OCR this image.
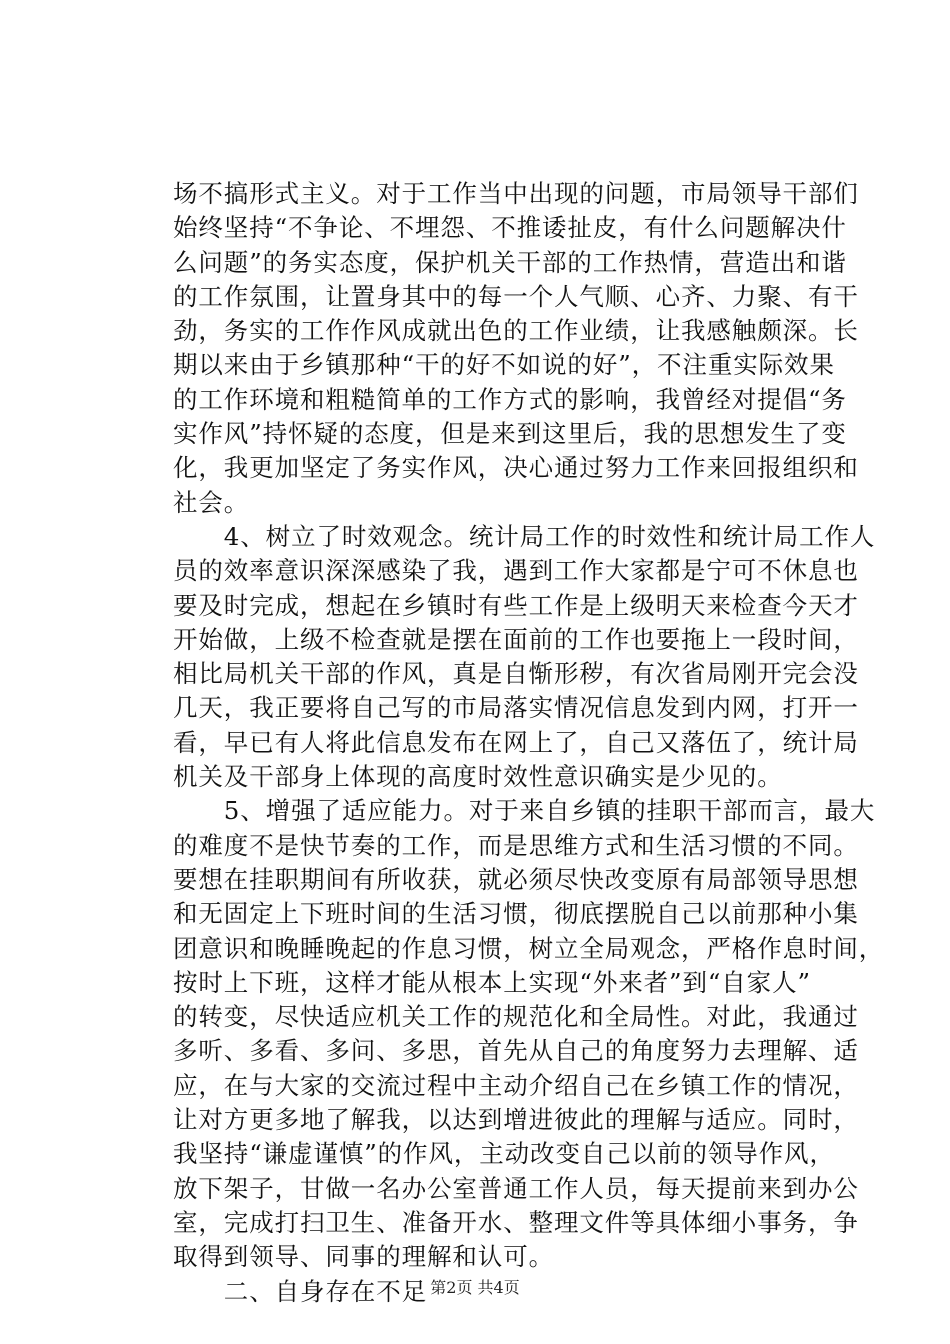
场不搞形式主义。对于工作当中出现的问题，市局领导干部们
始终坚持“不争论、不埋怨、不推诿扯皮，有什么问题解决什
么问题”的务实态度，保护机关干部的工作热情，营造出和谐
的工作氛围，让置身其中的每一个人气顺、心齐、力聚、有干
劲，务实的工作作风成就出色的工作业绩，让我感触颇深。长
期以来由于乡镇那种“干的好不如说的好”，不注重实际效果
的工作环境和粗糙简单的工作方式的影响，我曾经对提倡“务
实作风”持怀疑的态度，但是来到这里后，我的思想发生了变
化，我更加坚定了务实作风，决心通过努力工作来回报组织和
社会。
　　4、树立了时效观念。统计局工作的时效性和统计局工作人
员的效率意识深深感染了我，遇到工作大家都是宁可不休息也
要及时完成，想起在乡镇时有些工作是上级明天来检查今天才
开始做，上级不检查就是摆在面前的工作也要拖上一段时间，
相比局机关干部的作风，真是自惭形秽，有次省局刚开完会没
几天，我正要将自己写的市局落实情况信息发到内网，打开一
看，早已有人将此信息发布在网上了，自己又落伍了，统计局
机关及干部身上体现的高度时效性意识确实是少见的。
　　5、增强了适应能力。对于来自乡镇的挂职干部而言，最大
的难度不是快节奏的工作，而是思维方式和生活习惯的不同。
要想在挂职期间有所收获，就必须尽快改变原有局部领导思想
和无固定上下班时间的生活习惯，彻底摆脱自己以前那种小集
团意识和晚睡晚起的作息习惯，树立全局观念，严格作息时间，
按时上下班，这样才能从根本上实现“外来者”到“自家人”
的转变，尽快适应机关工作的规范化和全局性。对此，我通过
多听、多看、多问、多思，首先从自己的角度努力去理解、适
应，在与大家的交流过程中主动介绍自己在乡镇工作的情况，
让对方更多地了解我，以达到增进彼此的理解与适应。同时，
我坚持“谦虚谨慎”的作风，主动改变自己以前的领导作风，
放下架子，甘做一名办公室普通工作人员，每天提前来到办公
室，完成打扫卫生、准备开水、整理文件等具体细小事务，争
取得到领导、同事的理解和认可。
　　二、自身存在不足 第2页 共4页
